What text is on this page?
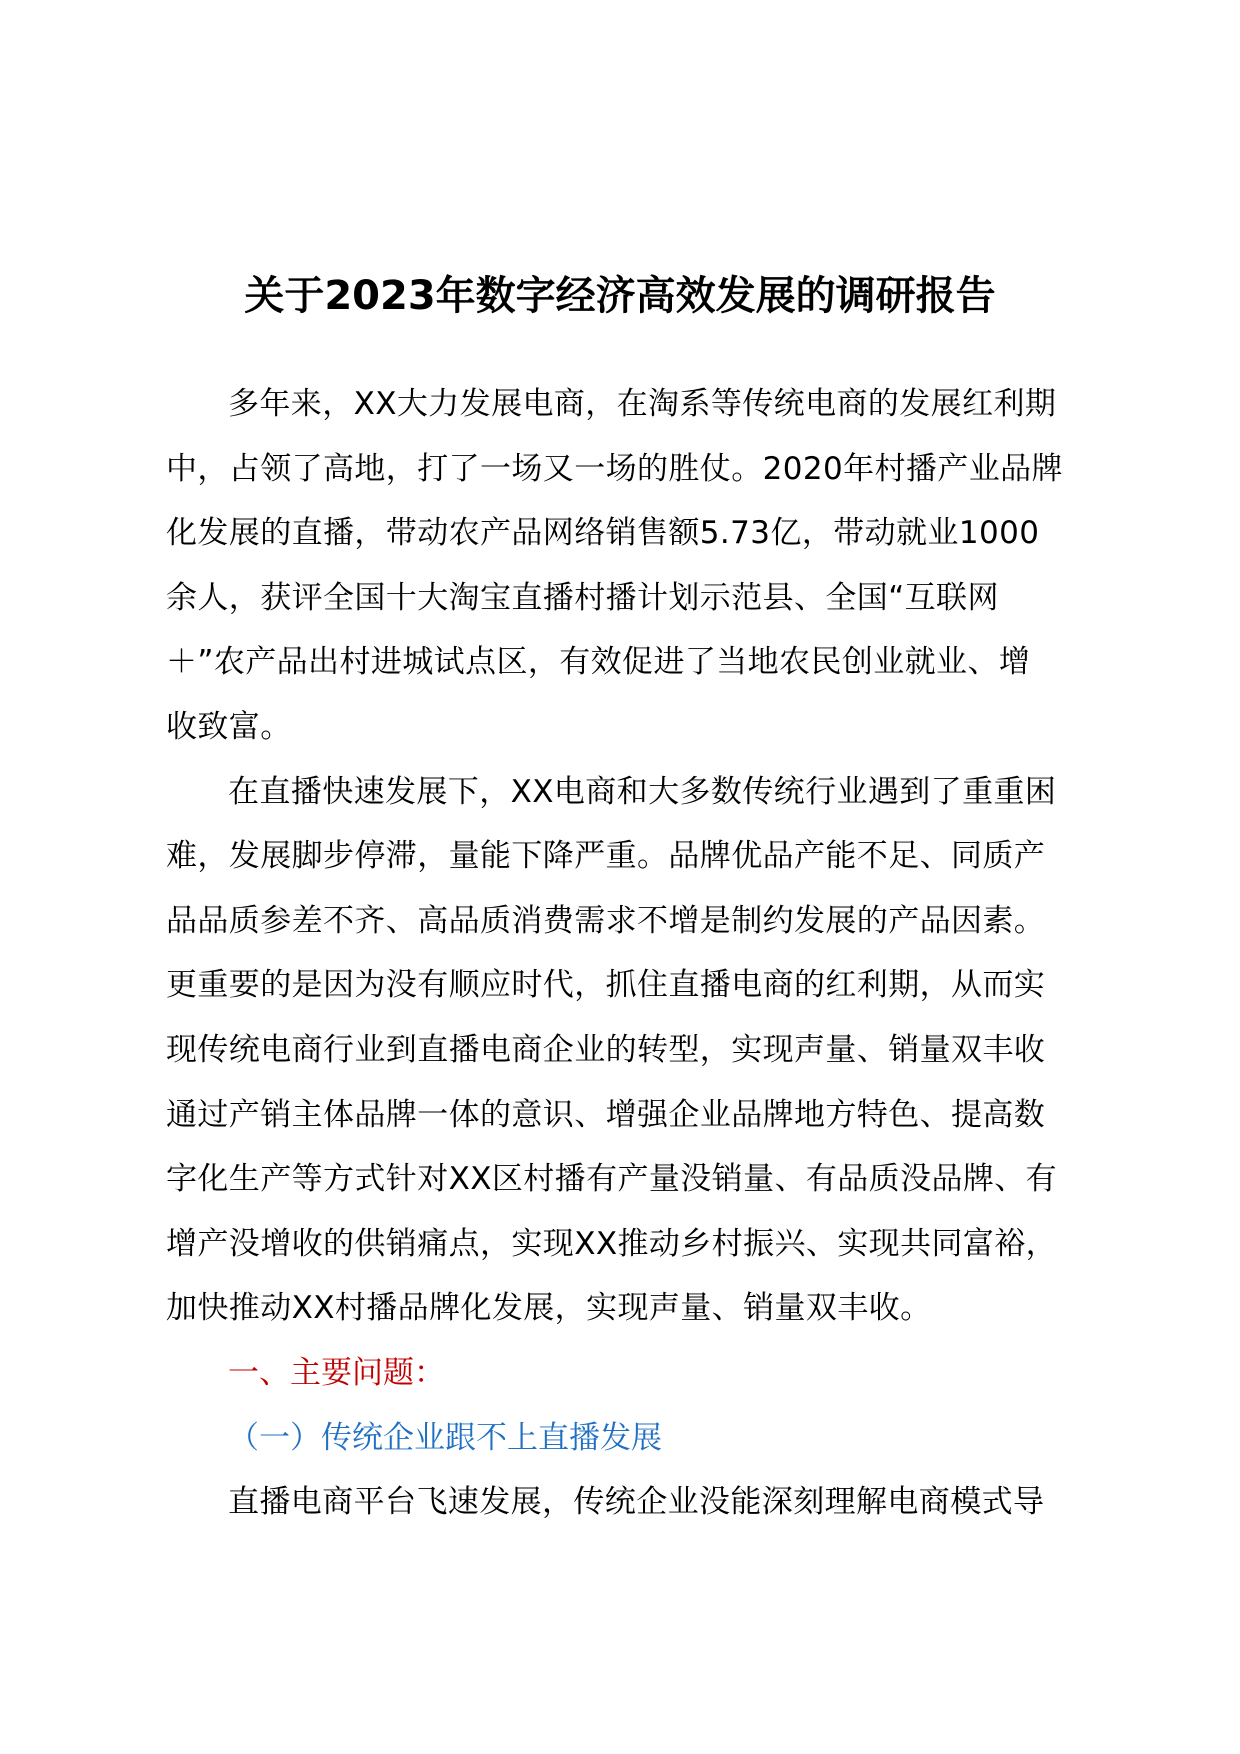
关于2023年数字经济高效发展的调研报告

多年来，XX大力发展电商，在淘系等传统电商的发展红利期
中，占领了高地，打了一场又一场的胜仗。2020年村播产业品牌
化发展的直播，带动农产品网络销售额5.73亿，带动就业1000
余人，获评全国十大淘宝直播村播计划示范县、全国“互联网
＋”农产品出村进城试点区，有效促进了当地农民创业就业、增
收致富。

在直播快速发展下，XX电商和大多数传统行业遇到了重重困
难，发展脚步停滞，量能下降严重。品牌优品产能不足、同质产
品品质参差不齐、高品质消费需求不增是制约发展的产品因素。
更重要的是因为没有顺应时代，抓住直播电商的红利期，从而实
现传统电商行业到直播电商企业的转型，实现声量、销量双丰收
通过产销主体品牌一体的意识、增强企业品牌地方特色、提高数
字化生产等方式针对XX区村播有产量没销量、有品质没品牌、有
增产没增收的供销痛点，实现XX推动乡村振兴、实现共同富裕，
加快推动XX村播品牌化发展，实现声量、销量双丰收。

一、主要问题：

（一）传统企业跟不上直播发展

直播电商平台飞速发展，传统企业没能深刻理解电商模式导
